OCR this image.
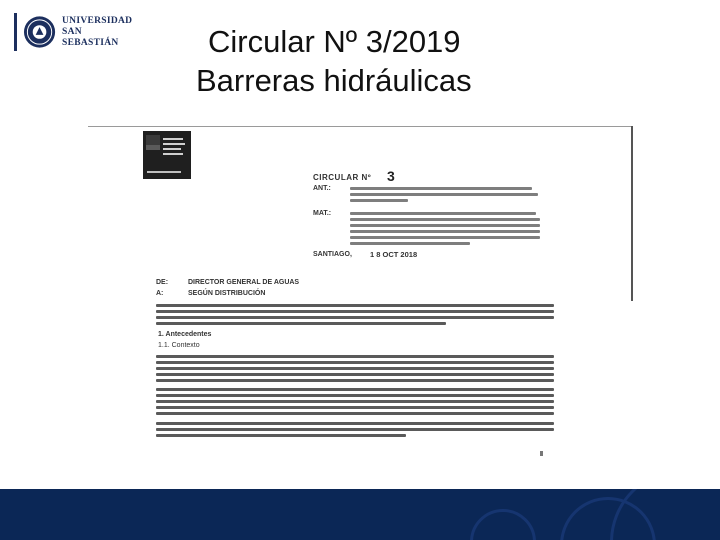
UNIVERSIDAD
SAN SEBASTIÁN	Circular Nº 3/2019
Barreras hidráulicas
CIRCULAR Nº 3
ANT.:
MAT.:
SANTIAGO, 1 8 OCT 2018
DE:	DIRECTOR GENERAL DE AGUAS
A:	SEGÚN DISTRIBUCIÓN
1. Antecedentes
1.1. Contexto
